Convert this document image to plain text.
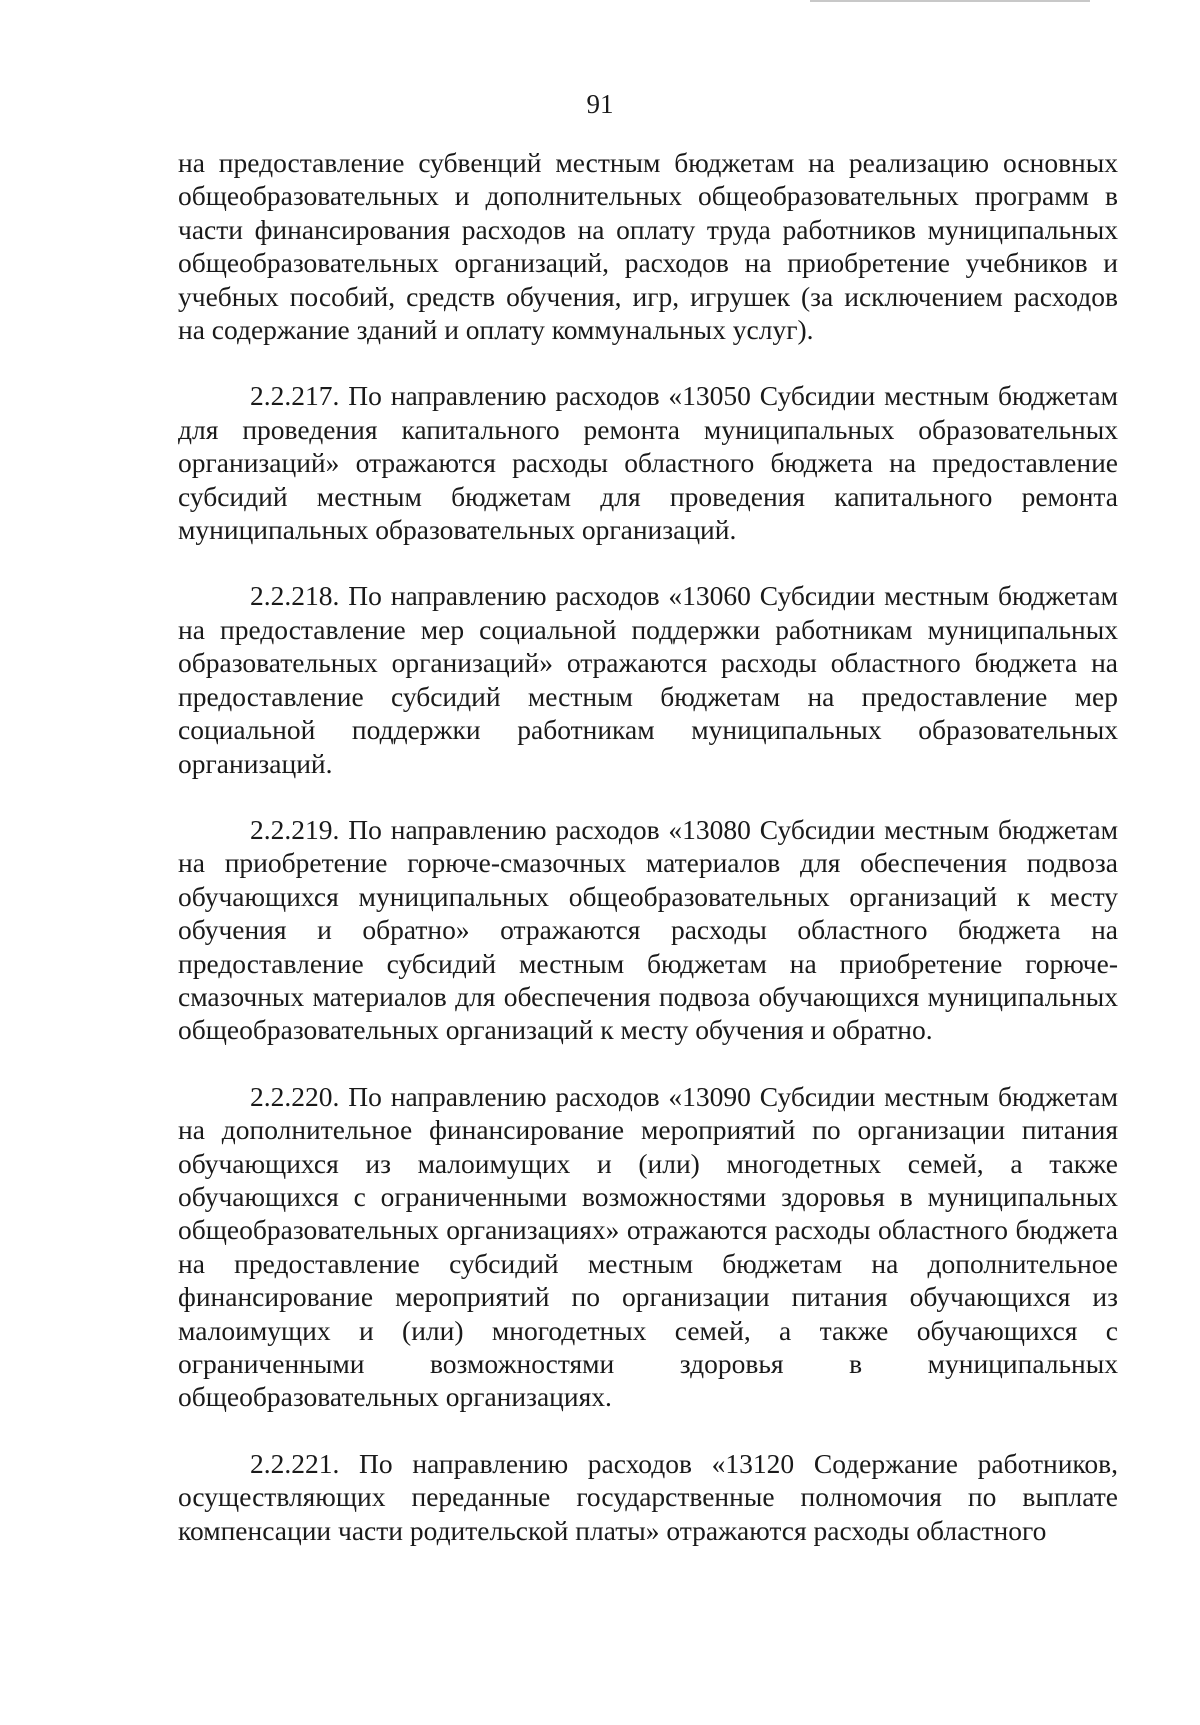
91

на предоставление субвенций местным бюджетам на реализацию основных общеобразовательных и дополнительных общеобразовательных программ в части финансирования расходов на оплату труда работников муниципальных общеобразовательных организаций, расходов на приобретение учебников и учебных пособий, средств обучения, игр, игрушек (за исключением расходов на содержание зданий и оплату коммунальных услуг).

2.2.217. По направлению расходов «13050 Субсидии местным бюджетам для проведения капитального ремонта муниципальных образовательных организаций» отражаются расходы областного бюджета на предоставление субсидий местным бюджетам для проведения капитального ремонта муниципальных образовательных организаций.

2.2.218. По направлению расходов «13060 Субсидии местным бюджетам на предоставление мер социальной поддержки работникам муниципальных образовательных организаций» отражаются расходы областного бюджета на предоставление субсидий местным бюджетам на предоставление мер социальной поддержки работникам муниципальных образовательных организаций.

2.2.219. По направлению расходов «13080 Субсидии местным бюджетам на приобретение горюче-смазочных материалов для обеспечения подвоза обучающихся муниципальных общеобразовательных организаций к месту обучения и обратно» отражаются расходы областного бюджета на предоставление субсидий местным бюджетам на приобретение горюче-смазочных материалов для обеспечения подвоза обучающихся муниципальных общеобразовательных организаций к месту обучения и обратно.

2.2.220. По направлению расходов «13090 Субсидии местным бюджетам на дополнительное финансирование мероприятий по организации питания обучающихся из малоимущих и (или) многодетных семей, а также обучающихся с ограниченными возможностями здоровья в муниципальных общеобразовательных организациях» отражаются расходы областного бюджета на предоставление субсидий местным бюджетам на дополнительное финансирование мероприятий по организации питания обучающихся из малоимущих и (или) многодетных семей, а также обучающихся с ограниченными возможностями здоровья в муниципальных общеобразовательных организациях.

2.2.221. По направлению расходов «13120 Содержание работников, осуществляющих переданные государственные полномочия по выплате компенсации части родительской платы» отражаются расходы областного
